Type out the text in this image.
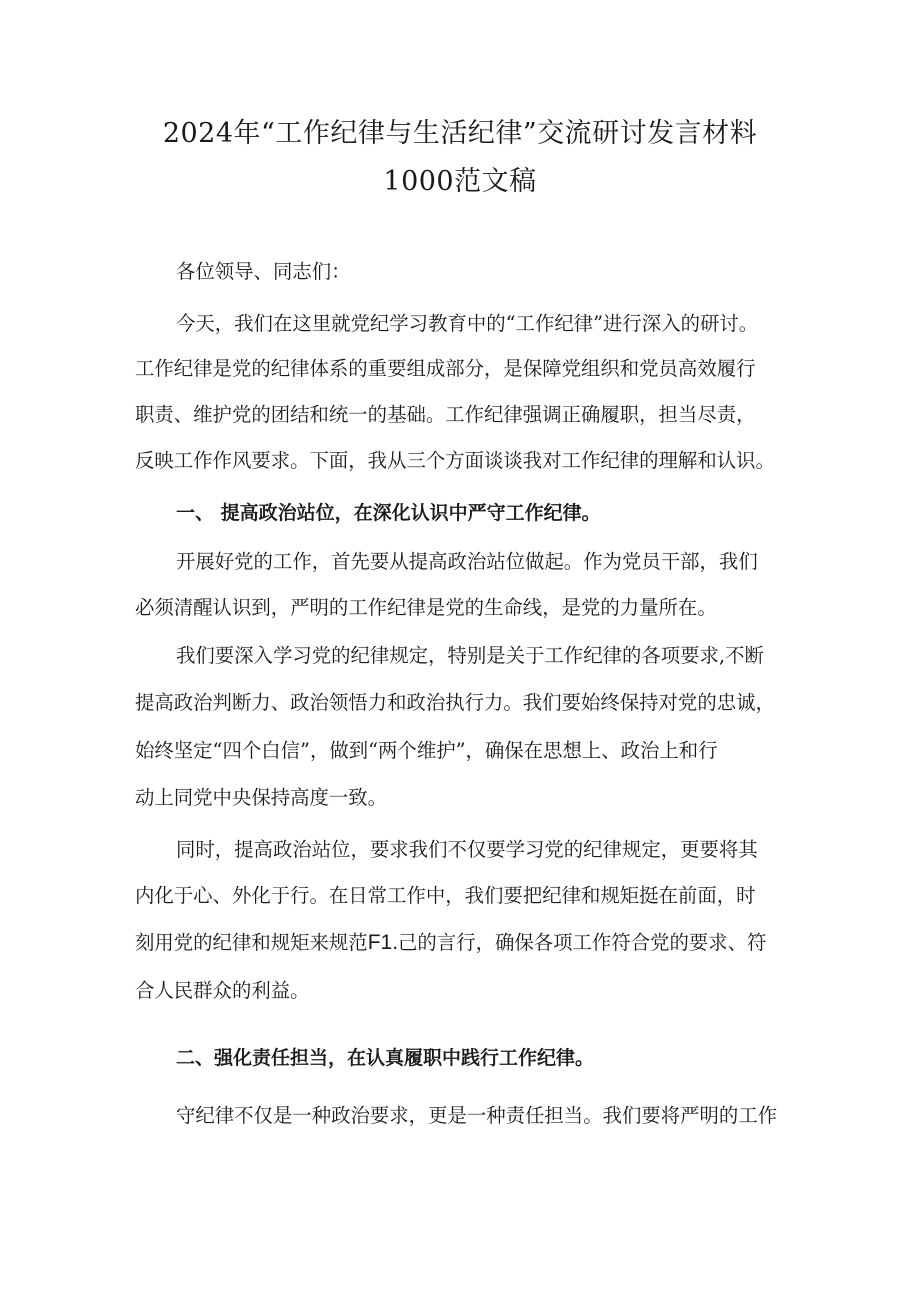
2024年“工作纪律与生活纪律”交流研讨发言材料
1000范文稿

各位领导、同志们：

今天，我们在这里就党纪学习教育中的“工作纪律”进行深入的研讨。

工作纪律是党的纪律体系的重要组成部分，是保障党组织和党员高效履行

职责、维护党的团结和统一的基础。工作纪律强调正确履职，担当尽责，

反映工作作风要求。下面，我从三个方面谈谈我对工作纪律的理解和认识。

一、 提高政治站位，在深化认识中严守工作纪律。

开展好党的工作，首先要从提高政治站位做起。作为党员干部，我们

必须清醒认识到，严明的工作纪律是党的生命线，是党的力量所在。

我们要深入学习党的纪律规定，特别是关于工作纪律的各项要求,不断

提高政治判断力、政治领悟力和政治执行力。我们要始终保持对党的忠诚，

始终坚定“四个白信”，做到“两个维护”，确保在思想上、政治上和行

动上同党中央保持高度一致。

同时，提高政治站位，要求我们不仅要学习党的纪律规定，更要将其

内化于心、外化于行。在日常工作中，我们要把纪律和规矩挺在前面，时

刻用党的纪律和规矩来规范F1.己的言行，确保各项工作符合党的要求、符

合人民群众的利益。

二、强化责任担当，在认真履职中践行工作纪律。

守纪律不仅是一种政治要求，更是一种责任担当。我们要将严明的工作
